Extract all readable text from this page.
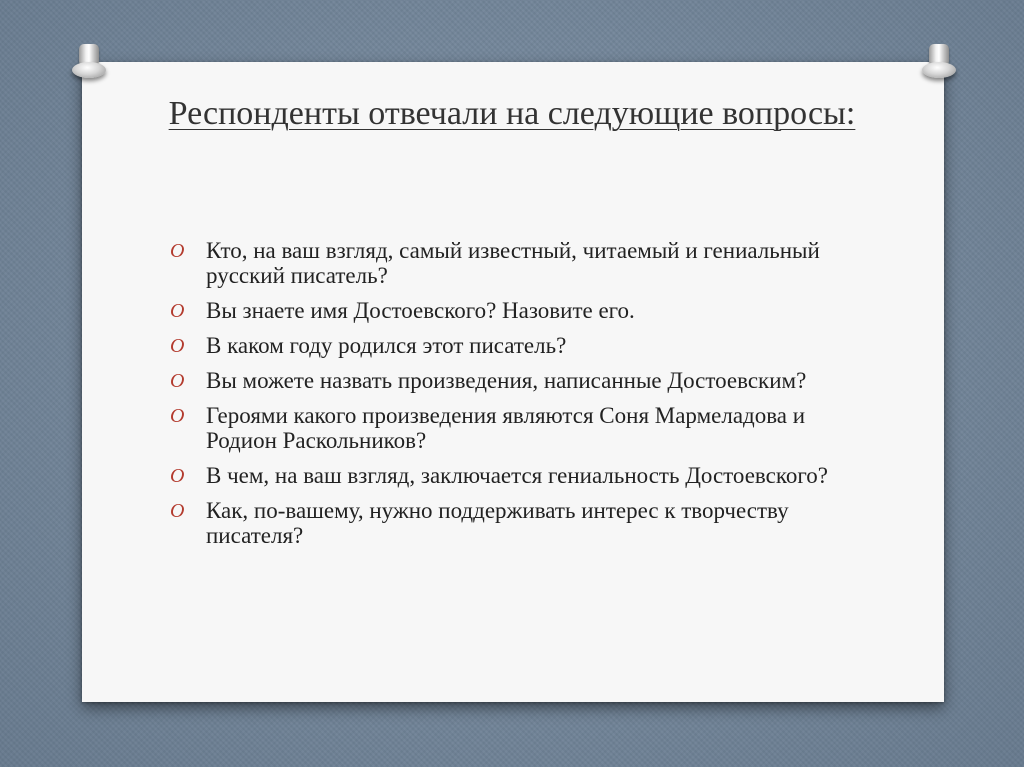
Респонденты отвечали на следующие вопросы:
O Кто, на ваш взгляд, самый известный, читаемый и гениальный русский писатель?
O Вы знаете имя Достоевского? Назовите его.
O В каком году родился этот писатель?
O Вы можете назвать произведения, написанные Достоевским?
O Героями какого произведения являются Соня Мармеладова и Родион Раскольников?
O В чем, на ваш взгляд, заключается гениальность Достоевского?
O Как, по-вашему, нужно поддерживать интерес к творчеству писателя?
